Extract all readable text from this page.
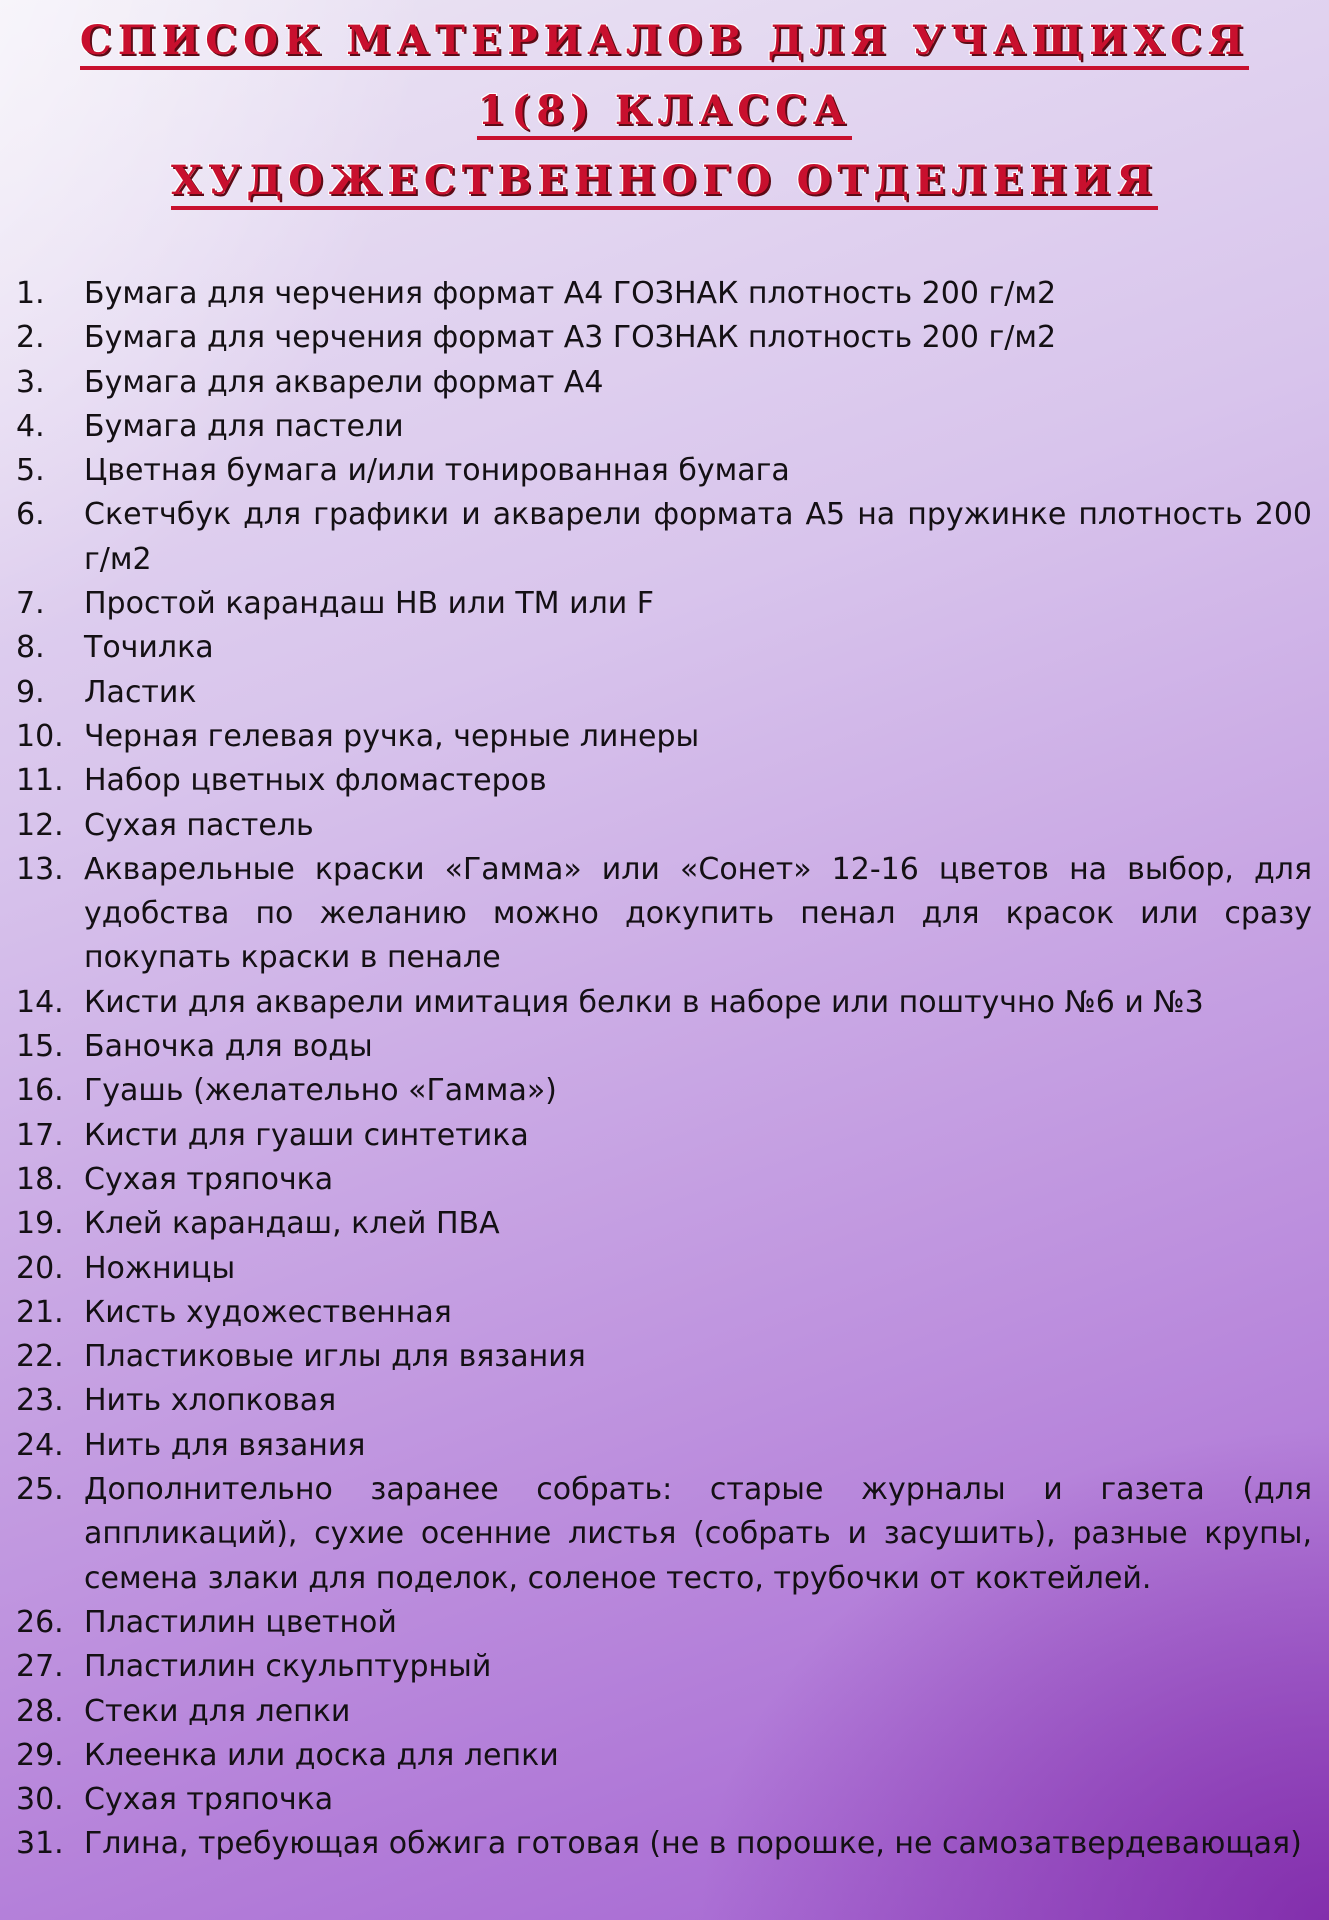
СПИСОК МАТЕРИАЛОВ ДЛЯ УЧАЩИХСЯ
1(8) КЛАССА
ХУДОЖЕСТВЕННОГО ОТДЕЛЕНИЯ
1.	Бумага для черчения формат А4 ГОЗНАК плотность 200 г/м2
2.	Бумага для черчения формат А3 ГОЗНАК плотность 200 г/м2
3.	Бумага для акварели формат А4
4.	Бумага для пастели
5.	Цветная бумага и/или тонированная бумага
6.	Скетчбук для графики и акварели формата А5 на пружинке плотность 200 г/м2
7.	Простой карандаш НВ или ТМ или F
8.	Точилка
9.	Ластик
10. Черная гелевая ручка, черные линеры
11. Набор цветных фломастеров
12. Сухая пастель
13. Акварельные краски «Гамма» или «Сонет» 12-16 цветов на выбор, для удобства по желанию можно докупить пенал для красок или сразу покупать краски в пенале
14. Кисти для акварели имитация белки в наборе или поштучно №6 и №3
15. Баночка для воды
16. Гуашь (желательно «Гамма»)
17. Кисти для гуаши синтетика
18. Сухая тряпочка
19. Клей карандаш, клей ПВА
20. Ножницы
21. Кисть художественная
22. Пластиковые иглы для вязания
23. Нить хлопковая
24. Нить для вязания
25. Дополнительно заранее собрать: старые журналы и газета (для аппликаций), сухие осенние листья (собрать и засушить), разные крупы, семена злаки для поделок, соленое тесто, трубочки от коктейлей.
26. Пластилин цветной
27. Пластилин скульптурный
28. Стеки для лепки
29. Клеенка или доска для лепки
30. Сухая тряпочка
31. Глина, требующая обжига готовая (не в порошке, не самозатвердевающая)
